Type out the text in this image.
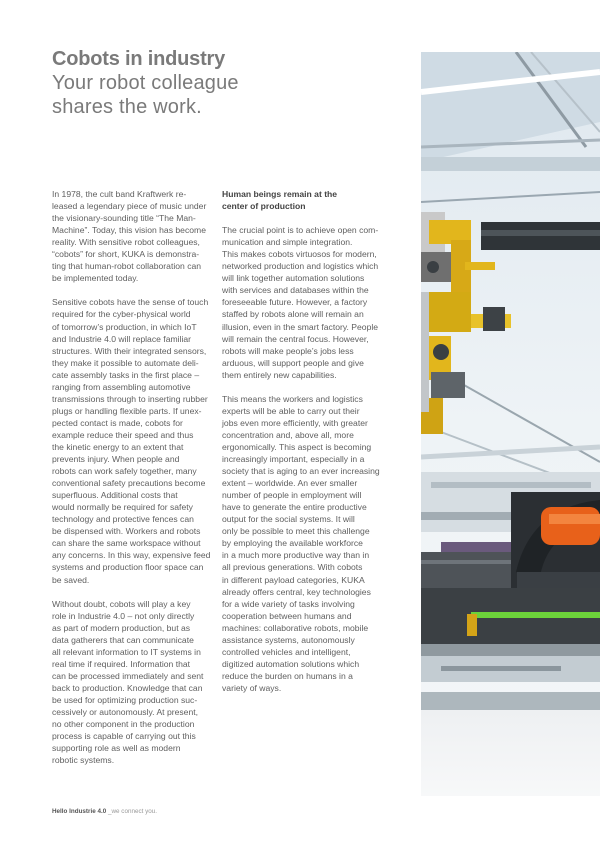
Cobots in industry
Your robot colleague
shares the work.

In 1978, the cult band Kraftwerk re-
leased a legendary piece of music under
the visionary-sounding title “The Man-
Machine”. Today, this vision has become
reality. With sensitive robot colleagues,
“cobots” for short, KUKA is demonstra-
ting that human-robot collaboration can
be implemented today.

Sensitive cobots have the sense of touch
required for the cyber-physical world
of tomorrow’s production, in which IoT
and Industrie 4.0 will replace familiar
structures. With their integrated sensors,
they make it possible to automate deli-
cate assembly tasks in the first place –
ranging from assembling automotive
transmissions through to inserting rubber
plugs or handling flexible parts. If unex-
pected contact is made, cobots for
example reduce their speed and thus
the kinetic energy to an extent that
prevents injury. When people and
robots can work safely together, many
conventional safety precautions become
superfluous. Additional costs that
would normally be required for safety
technology and protective fences can
be dispensed with. Workers and robots
can share the same workspace without
any concerns. In this way, expensive feed
systems and production floor space can
be saved.

Without doubt, cobots will play a key
role in Industrie 4.0 – not only directly
as part of modern production, but as
data gatherers that can communicate
all relevant information to IT systems in
real time if required. Information that
can be processed immediately and sent
back to production. Knowledge that can
be used for optimizing production suc-
cessively or autonomously. At present,
no other component in the production
process is capable of carrying out this
supporting role as well as modern
robotic systems.

Human beings remain at the
center of production

The crucial point is to achieve open com-
munication and simple integration.
This makes cobots virtuosos for modern,
networked production and logistics which
will link together automation solutions
with services and databases within the
foreseeable future. However, a factory
staffed by robots alone will remain an
illusion, even in the smart factory. People
will remain the central focus. However,
robots will make people’s jobs less
arduous, will support people and give
them entirely new capabilities.

This means the workers and logistics
experts will be able to carry out their
jobs even more efficiently, with greater
concentration and, above all, more
ergonomically. This aspect is becoming
increasingly important, especially in a
society that is aging to an ever increasing
extent – worldwide. An ever smaller
number of people in employment will
have to generate the entire productive
output for the social systems. It will
only be possible to meet this challenge
by employing the available workforce
in a much more productive way than in
all previous generations. With cobots
in different payload categories, KUKA
already offers central, key technologies
for a wide variety of tasks involving
cooperation between humans and
machines: collaborative robots, mobile
assistance systems, autonomously
controlled vehicles and intelligent,
digitized automation solutions which
reduce the burden on humans in a
variety of ways.

Hello Industrie 4.0 _we connect you.
